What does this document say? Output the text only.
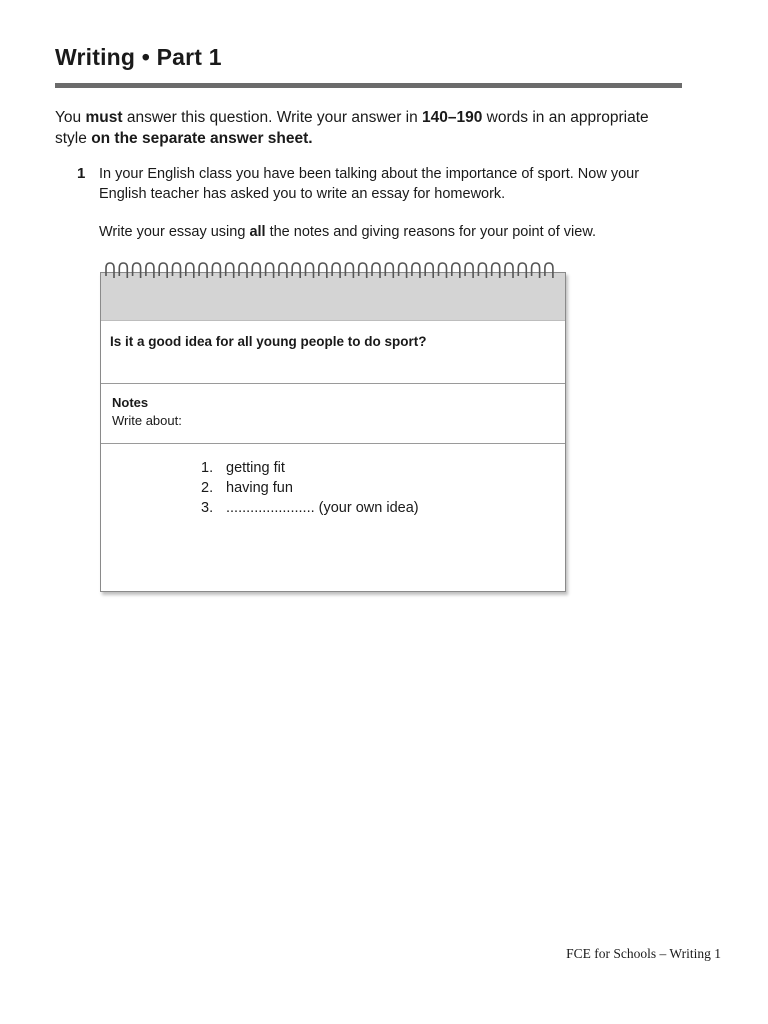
Writing • Part 1
You must answer this question. Write your answer in 140–190 words in an appropriate style on the separate answer sheet.
1 In your English class you have been talking about the importance of sport. Now your English teacher has asked you to write an essay for homework.
Write your essay using all the notes and giving reasons for your point of view.
Is it a good idea for all young people to do sport?
Notes
Write about:
1. getting fit
2. having fun
3. ...................... (your own idea)
FCE for Schools – Writing 1
